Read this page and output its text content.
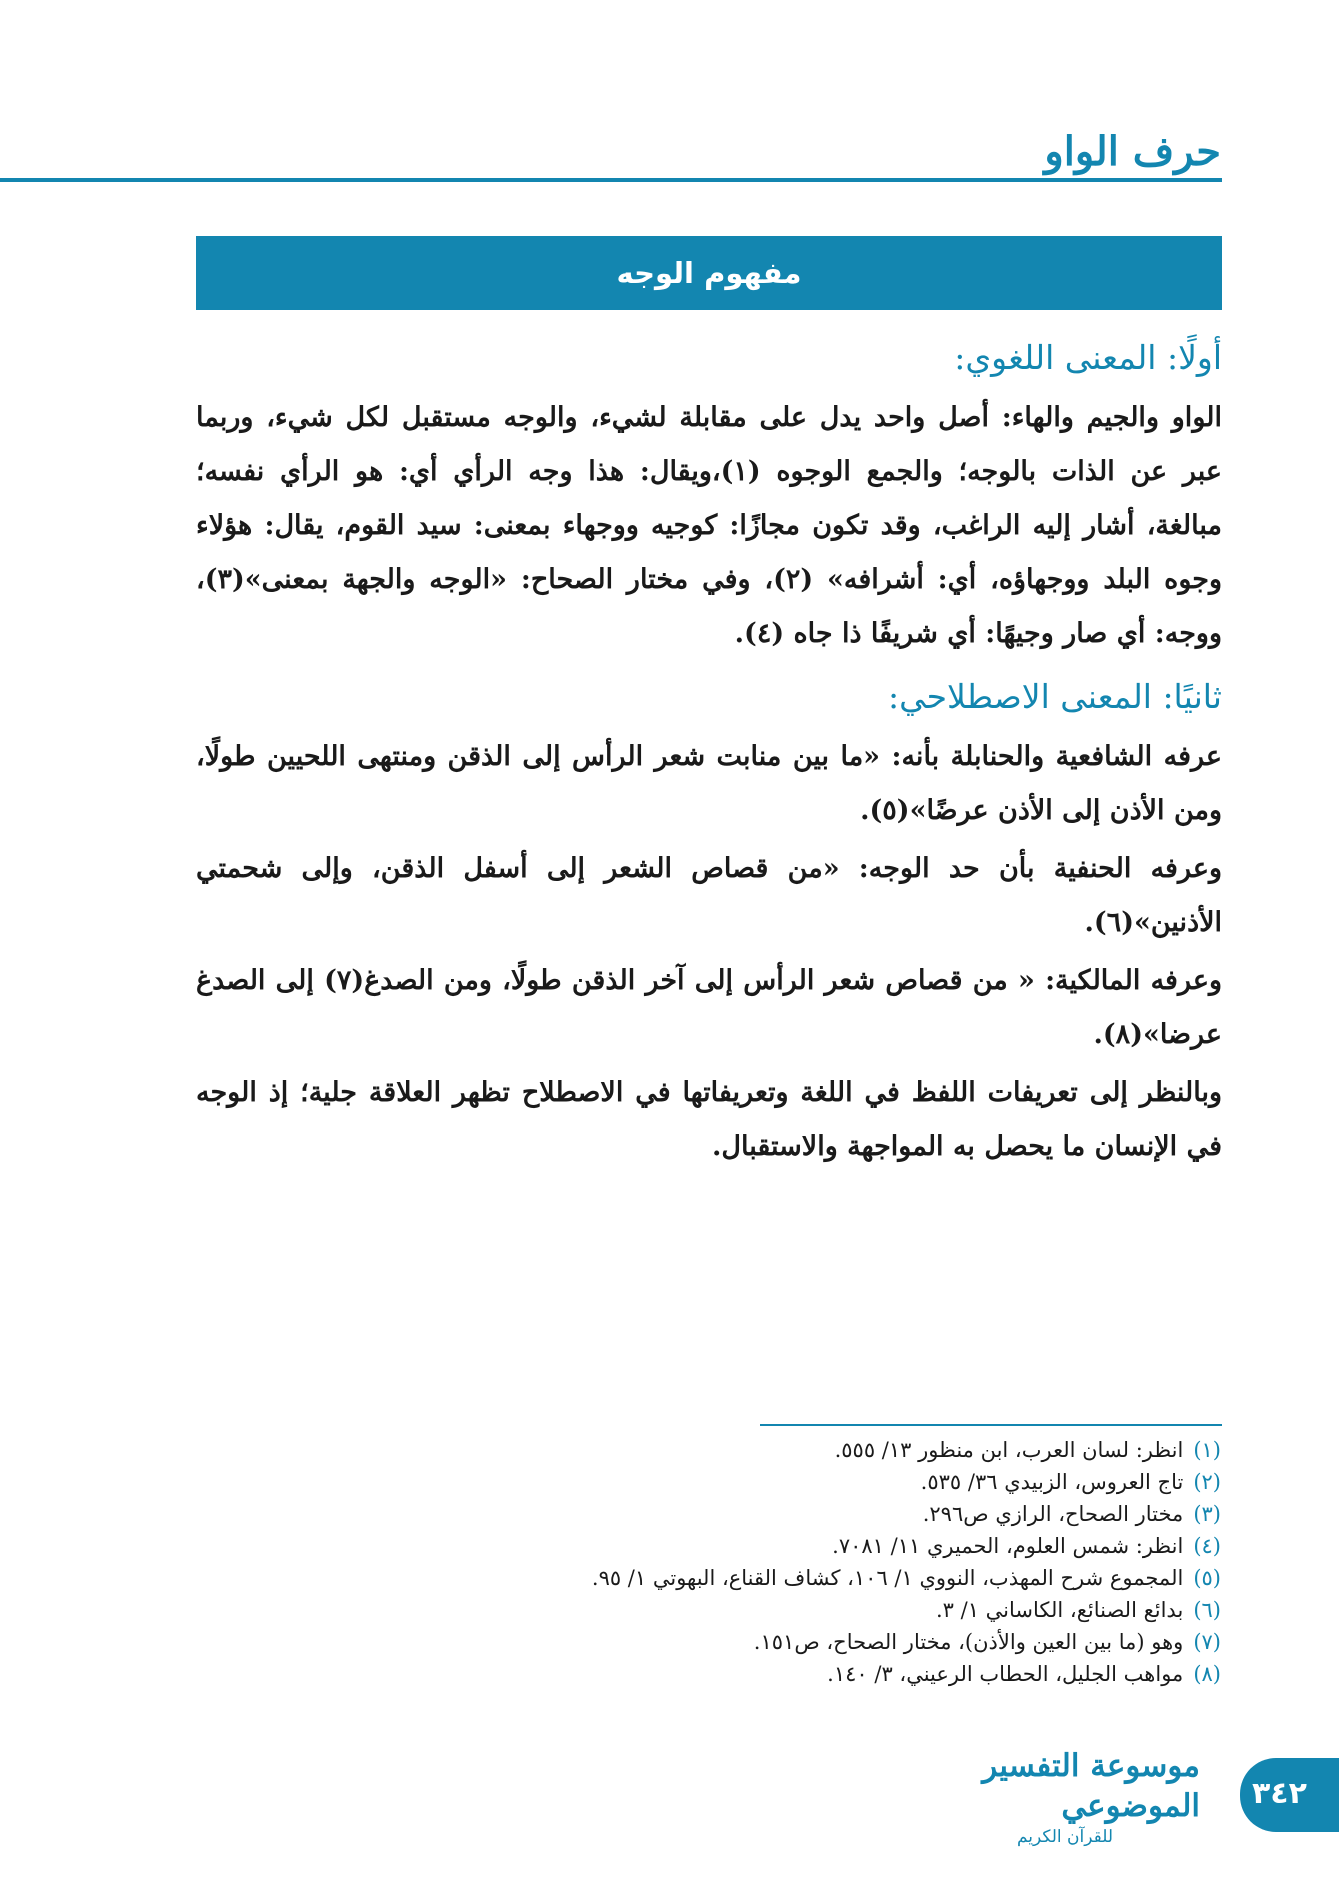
حرف الواو
مفهوم الوجه
أولًا: المعنى اللغوي:

الواو والجيم والهاء: أصل واحد يدل على مقابلة لشيء، والوجه مستقبل لكل شيء، وربما عبر عن الذات بالوجه؛ والجمع الوجوه (١)،ويقال: هذا وجه الرأي أي: هو الرأي نفسه؛ مبالغة، أشار إليه الراغب، وقد تكون مجازًا: كوجيه ووجهاء بمعنى: سيد القوم، يقال: هؤلاء وجوه البلد ووجهاؤه، أي: أشرافه» (٢)، وفي مختار الصحاح: «الوجه والجهة بمعنى»(٣)، ووجه: أي صار وجيهًا: أي شريفًا ذا جاه (٤).

ثانيًا: المعنى الاصطلاحي:

عرفه الشافعية والحنابلة بأنه: «ما بين منابت شعر الرأس إلى الذقن ومنتهى اللحيين طولًا، ومن الأذن إلى الأذن عرضًا»(٥).

وعرفه الحنفية بأن حد الوجه: «من قصاص الشعر إلى أسفل الذقن، وإلى شحمتي الأذنين»(٦).

وعرفه المالكية: « من قصاص شعر الرأس إلى آخر الذقن طولًا، ومن الصدغ(٧) إلى الصدغ عرضا»(٨).

وبالنظر إلى تعريفات اللفظ في اللغة وتعريفاتها في الاصطلاح تظهر العلاقة جلية؛ إذ الوجه في الإنسان ما يحصل به المواجهة والاستقبال.

(١)
انظر: لسان العرب، ابن منظور ١٣/ ٥٥٥.
(٢)
تاج العروس، الزبيدي ٣٦/ ٥٣٥.
(٣)
مختار الصحاح، الرازي ص٢٩٦.
(٤)
انظر: شمس العلوم، الحميري ١١/ ٧٠٨١.
(٥)
المجموع شرح المهذب، النووي ١/ ١٠٦، كشاف القناع، البهوتي ١/ ٩٥.
(٦)
بدائع الصنائع، الكاساني ١/ ٣.
(٧)
وهو (ما بين العين والأذن)، مختار الصحاح، ص١٥١.
(٨)
مواهب الجليل، الحطاب الرعيني، ٣/ ١٤٠.
موسوعة التفسير الموضوعي
للقرآن الكريم
٣٤٢
